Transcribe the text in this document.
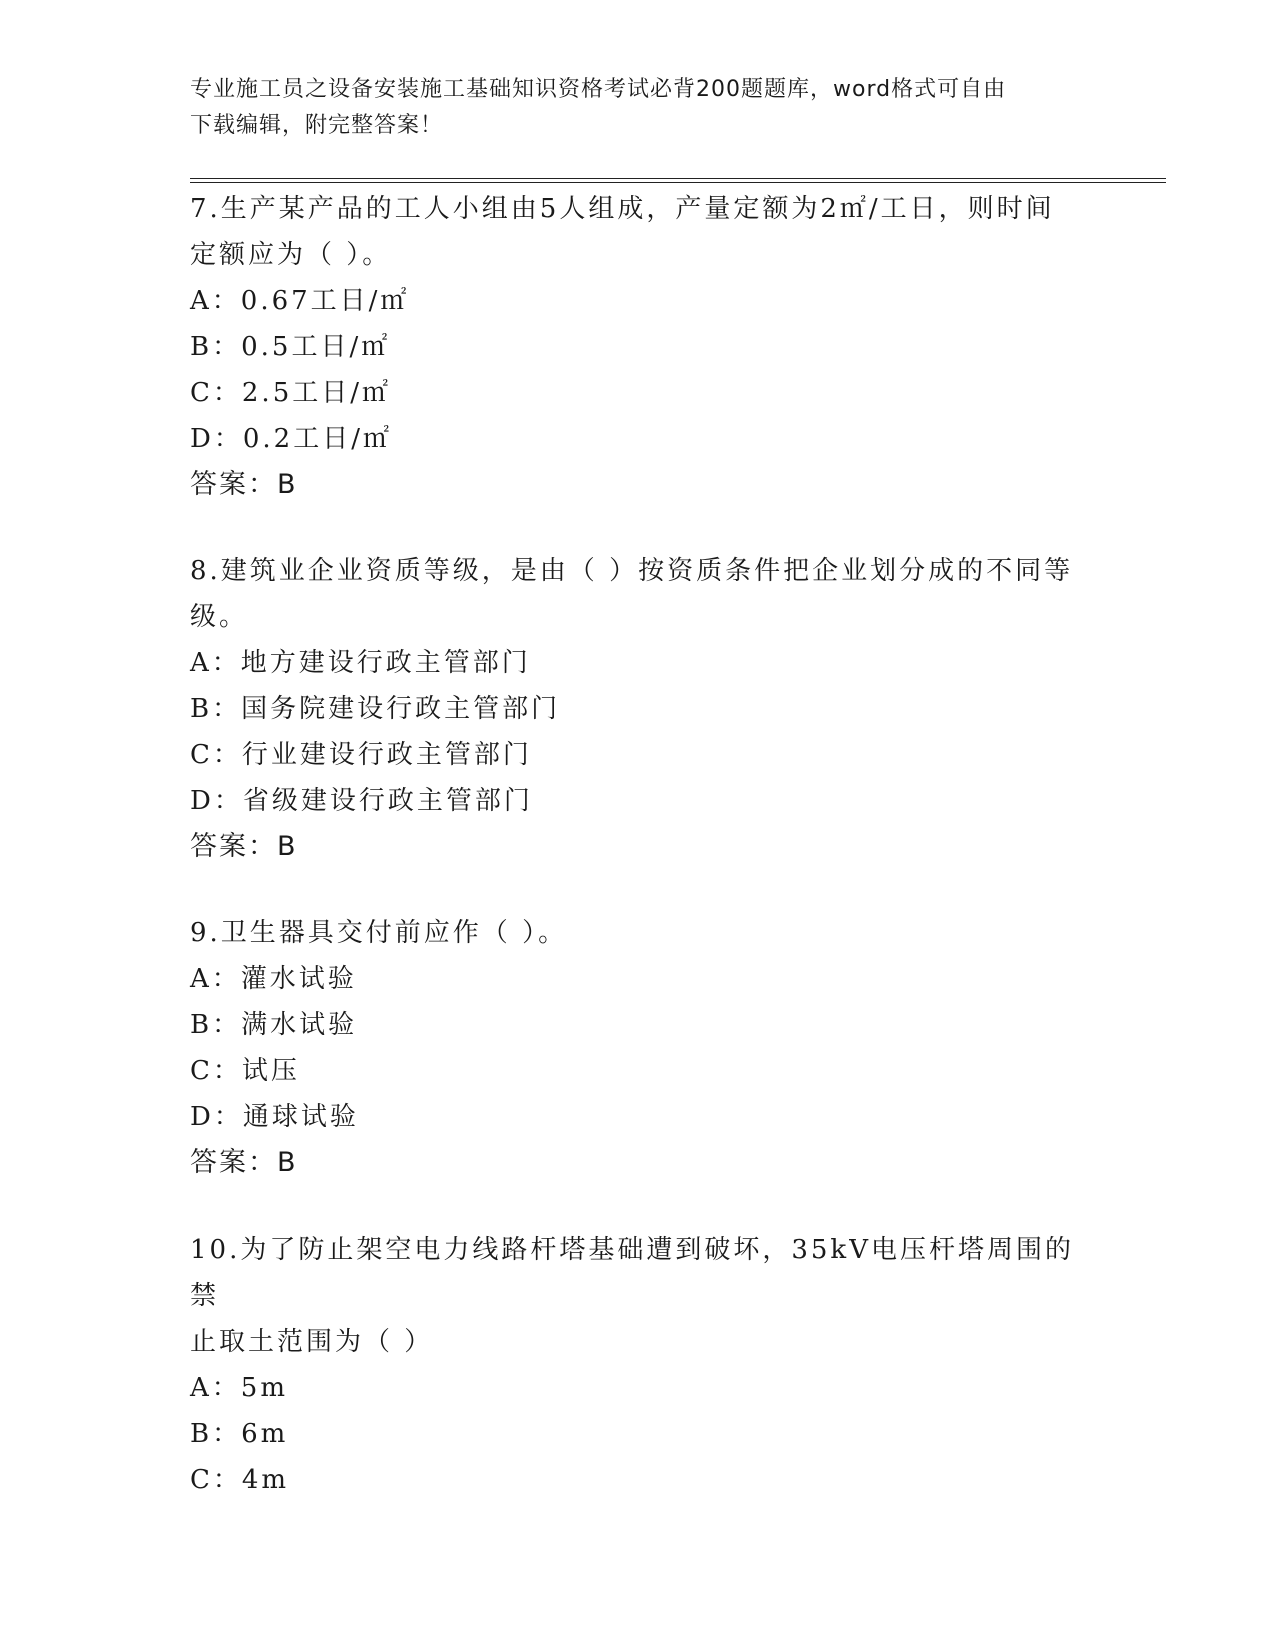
专业施工员之设备安装施工基础知识资格考试必背200题题库，word格式可自由
下载编辑，附完整答案！

7.生产某产品的工人小组由5人组成，产量定额为2㎡/工日，则时间

定额应为（ ）。

A：0.67工日/㎡

B：0.5工日/㎡

C：2.5工日/㎡

D：0.2工日/㎡

答案：B

8.建筑业企业资质等级，是由（ ）按资质条件把企业划分成的不同等

级。

A：地方建设行政主管部门

B：国务院建设行政主管部门

C：行业建设行政主管部门

D：省级建设行政主管部门

答案：B

9.卫生器具交付前应作（ ）。

A：灌水试验

B：满水试验

C：试压

D：通球试验

答案：B

10.为了防止架空电力线路杆塔基础遭到破坏，35kV电压杆塔周围的禁

止取土范围为（ ）

A：5m

B：6m

C：4m
